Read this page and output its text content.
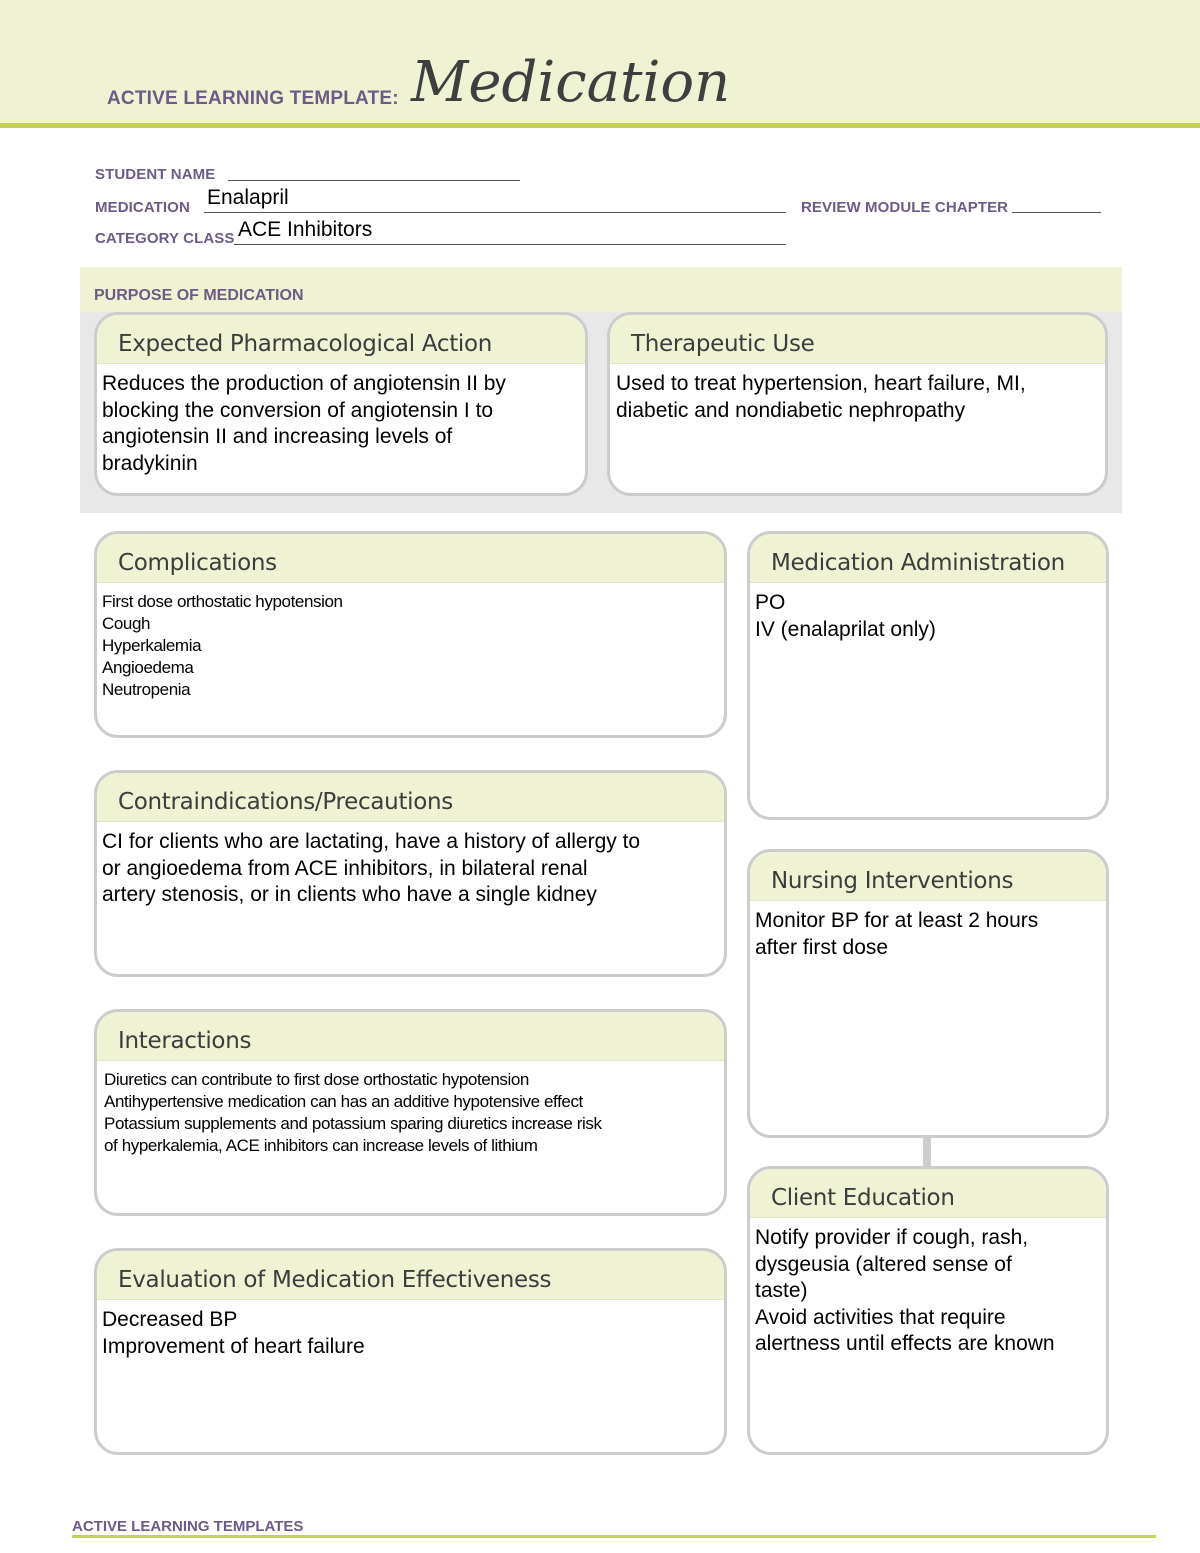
ACTIVE LEARNING TEMPLATE: Medication
STUDENT NAME
MEDICATION Enalapril	REVIEW MODULE CHAPTER
CATEGORY CLASS ACE Inhibitors
PURPOSE OF MEDICATION
Expected Pharmacological Action
Reduces the production of angiotensin II by
blocking the conversion of angiotensin I to
angiotensin II and increasing levels of
bradykinin
Therapeutic Use
Used to treat hypertension, heart failure, MI,
diabetic and nondiabetic nephropathy
Complications
First dose orthostatic hypotension
Cough
Hyperkalemia
Angioedema
Neutropenia
Medication Administration
PO
IV (enalaprilat only)
Contraindications/Precautions
CI for clients who are lactating, have a history of allergy to
or angioedema from ACE inhibitors, in bilateral renal
artery stenosis, or in clients who have a single kidney
Nursing Interventions
Monitor BP for at least 2 hours
after first dose
Interactions
Diuretics can contribute to first dose orthostatic hypotension
Antihypertensive medication can has an additive hypotensive effect
Potassium supplements and potassium sparing diuretics increase risk
of hyperkalemia, ACE inhibitors can increase levels of lithium
Client Education
Notify provider if cough, rash,
dysgeusia (altered sense of
taste)
Avoid activities that require
alertness until effects are known
Evaluation of Medication Effectiveness
Decreased BP
Improvement of heart failure
ACTIVE LEARNING TEMPLATES
